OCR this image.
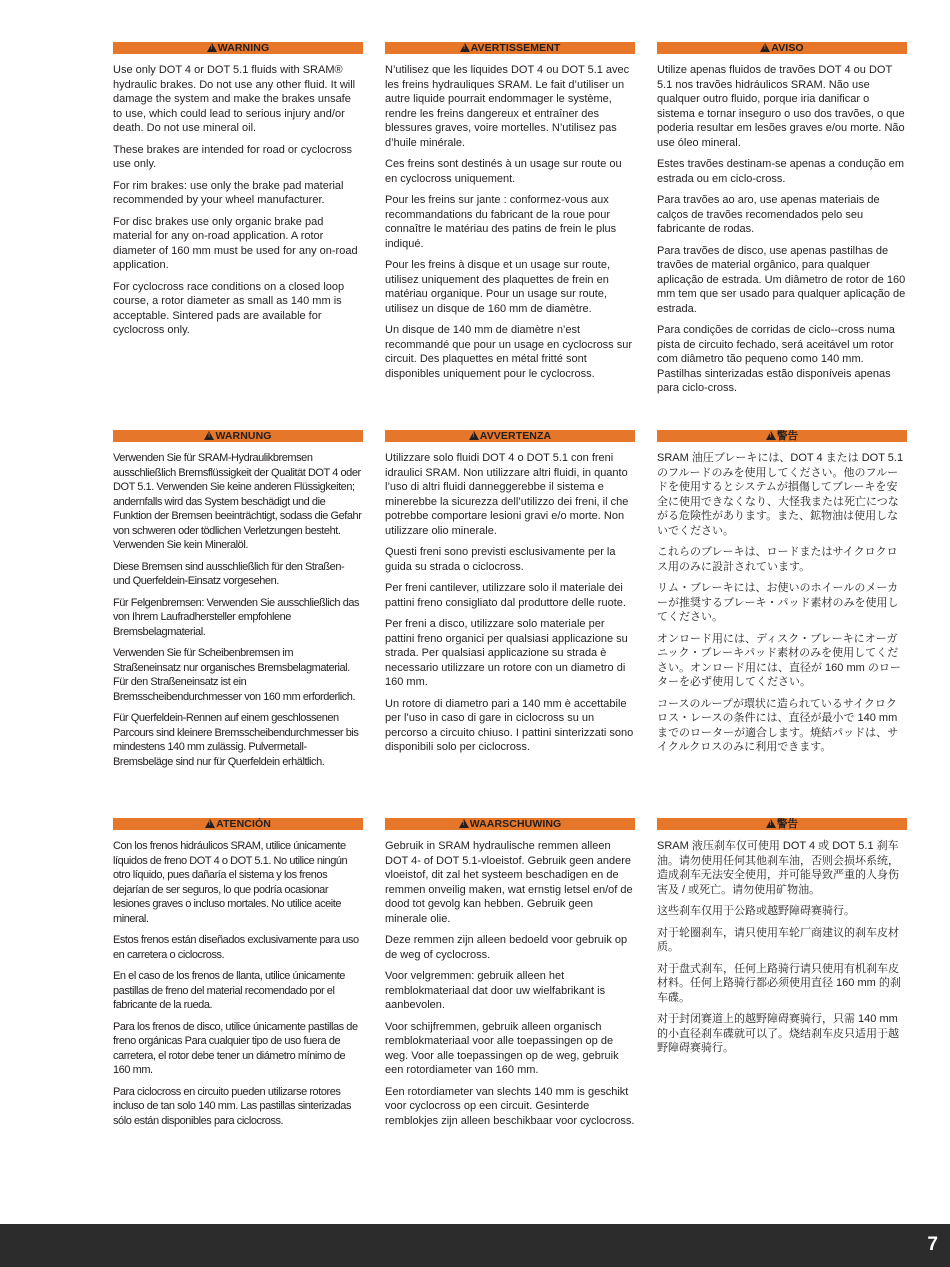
!WARNING

Use only DOT 4 or DOT 5.1 fluids with SRAM® hydraulic brakes. Do not use any other fluid. It will damage the system and make the brakes unsafe to use, which could lead to serious injury and/or death. Do not use mineral oil.

These brakes are intended for road or cyclocross use only.

For rim brakes: use only the brake pad material recommended by your wheel manufacturer.

For disc brakes use only organic brake pad material for any on-road application. A rotor diameter of 160 mm must be used for any on-road application.

For cyclocross race conditions on a closed loop course, a rotor diameter as small as 140 mm is acceptable. Sintered pads are available for cyclocross only.

!AVERTISSEMENT

N’utilisez que les liquides DOT 4 ou DOT 5.1 avec les freins hydrauliques SRAM. Le fait d’utiliser un autre liquide pourrait endommager le système, rendre les freins dangereux et entraîner des blessures graves, voire mortelles. N’utilisez pas d’huile minérale.

Ces freins sont destinés à un usage sur route ou en cyclocross uniquement.

Pour les freins sur jante : conformez-vous aux recommandations du fabricant de la roue pour connaître le matériau des patins de frein le plus indiqué.

Pour les freins à disque et un usage sur route, utilisez uniquement des plaquettes de frein en matériau organique. Pour un usage sur route, utilisez un disque de 160 mm de diamètre.

Un disque de 140 mm de diamètre n’est recommandé que pour un usage en cyclocross sur circuit. Des plaquettes en métal fritté sont disponibles uniquement pour le cyclocross.

!AVISO

Utilize apenas fluidos de travões DOT 4 ou DOT 5.1 nos travões hidráulicos SRAM. Não use qualquer outro fluido, porque iria danificar o sistema e tornar inseguro o uso dos travões, o que poderia resultar em lesões graves e/ou morte. Não use óleo mineral.

Estes travões destinam-se apenas a condução em estrada ou em ciclo-cross.

Para travões ao aro, use apenas materiais de calços de travões recomendados pelo seu fabricante de rodas.

Para travões de disco, use apenas pastilhas de travões de material orgânico, para qualquer aplicação de estrada. Um diâmetro de rotor de 160 mm tem que ser usado para qualquer aplicação de estrada.

Para condições de corridas de ciclo--cross numa pista de circuito fechado, será aceitável um rotor com diâmetro tão pequeno como 140 mm. Pastilhas sinterizadas estão disponíveis apenas para ciclo-cross.

!WARNUNG

Verwenden Sie für SRAM-Hydraulikbremsen ausschließlich Bremsflüssigkeit der Qualität DOT 4 oder DOT 5.1. Verwenden Sie keine anderen Flüssigkeiten; andernfalls wird das System beschädigt und die Funktion der Bremsen beeinträchtigt, sodass die Gefahr von schweren oder tödlichen Verletzungen besteht. Verwenden Sie kein Mineralöl.

Diese Bremsen sind ausschließlich für den Straßen- und Querfeldein-Einsatz vorgesehen.

Für Felgenbremsen: Verwenden Sie ausschließlich das von Ihrem Laufradhersteller empfohlene Bremsbelagmaterial.

Verwenden Sie für Scheibenbremsen im Straßeneinsatz nur organisches Bremsbelagmaterial. Für den Straßeneinsatz ist ein Bremsscheibendurchmesser von 160 mm erforderlich.

Für Querfeldein-Rennen auf einem geschlossenen Parcours sind kleinere Bremsscheibendurchmesser bis mindestens 140 mm zulässig. Pulvermetall-Bremsbeläge sind nur für Querfeldein erhältlich.

!AVVERTENZA

Utilizzare solo fluidi DOT 4 o DOT 5.1 con freni idraulici SRAM. Non utilizzare altri fluidi, in quanto l’uso di altri fluidi danneggerebbe il sistema e minerebbe la sicurezza dell’utilizzo dei freni, il che potrebbe comportare lesioni gravi e/o morte. Non utilizzare olio minerale.

Questi freni sono previsti esclusivamente per la guida su strada o ciclocross.

Per freni cantilever, utilizzare solo il materiale dei pattini freno consigliato dal produttore delle ruote.

Per freni a disco, utilizzare solo materiale per pattini freno organici per qualsiasi applicazione su strada. Per qualsiasi applicazione su strada è necessario utilizzare un rotore con un diametro di 160 mm.

Un rotore di diametro pari a 140 mm è accettabile per l’uso in caso di gare in ciclocross su un percorso a circuito chiuso. I pattini sinterizzati sono disponibili solo per ciclocross.

!警告

SRAM 油圧ブレーキには、DOT 4 または DOT 5.1 のフルードのみを使用してください。他のフルードを使用するとシステムが損傷してブレーキを安全に使用できなくなり、大怪我または死亡につながる危険性があります。また、鉱物油は使用しないでください。

これらのブレーキは、ロードまたはサイクロクロス用のみに設計されています。

リム・ブレーキには、お使いのホイールのメーカーが推奨するブレーキ・パッド素材のみを使用してください。

オンロード用には、ディスク・ブレーキにオーガニック・ブレーキパッド素材のみを使用してください。オンロード用には、直径が 160 mm のローターを必ず使用してください。

コースのループが環状に造られているサイクロクロス・レースの条件には、直径が最小で 140 mm までのローターが適合します。焼結パッドは、サイクルクロスのみに利用できます。

!ATENCIÓN

Con los frenos hidráulicos SRAM, utilice únicamente líquidos de freno DOT 4 o DOT 5.1. No utilice ningún otro líquido, pues dañaría el sistema y los frenos dejarían de ser seguros, lo que podría ocasionar lesiones graves o incluso mortales. No utilice aceite mineral.

Estos frenos están diseñados exclusivamente para uso en carretera o ciclocross.

En el caso de los frenos de llanta, utilice únicamente pastillas de freno del material recomendado por el fabricante de la rueda.

Para los frenos de disco, utilice únicamente pastillas de freno orgánicas Para cualquier tipo de uso fuera de carretera, el rotor debe tener un diámetro mínimo de 160 mm.

Para ciclocross en circuito pueden utilizarse rotores incluso de tan solo 140 mm. Las pastillas sinterizadas sólo están disponibles para ciclocross.

!WAARSCHUWING

Gebruik in SRAM hydraulische remmen alleen DOT 4- of DOT 5.1-vloeistof. Gebruik geen andere vloeistof, dit zal het systeem beschadigen en de remmen onveilig maken, wat ernstig letsel en/of de dood tot gevolg kan hebben. Gebruik geen minerale olie.

Deze remmen zijn alleen bedoeld voor gebruik op de weg of cyclocross.

Voor velgremmen: gebruik alleen het remblokmateriaal dat door uw wielfabrikant is aanbevolen.

Voor schijfremmen, gebruik alleen organisch remblokmateriaal voor alle toepassingen op de weg. Voor alle toepassingen op de weg, gebruik een rotordiameter van 160 mm.

Een rotordiameter van slechts 140 mm is geschikt voor cyclocross op een circuit. Gesinterde remblokjes zijn alleen beschikbaar voor cyclocross.

!警告

SRAM 液压刹车仅可使用 DOT 4 或 DOT 5.1 刹车油。请勿使用任何其他刹车油，否则会损坏系统，造成刹车无法安全使用，并可能导致严重的人身伤害及 / 或死亡。请勿使用矿物油。

这些刹车仅用于公路或越野障碍赛骑行。

对于轮圈刹车，请只使用车轮厂商建议的刹车皮材质。

对于盘式刹车，任何上路骑行请只使用有机刹车皮材料。任何上路骑行都必须使用直径 160 mm 的刹车碟。

对于封闭赛道上的越野障碍赛骑行，只需 140 mm 的小直径刹车碟就可以了。烧结刹车皮只适用于越野障碍赛骑行。

7
